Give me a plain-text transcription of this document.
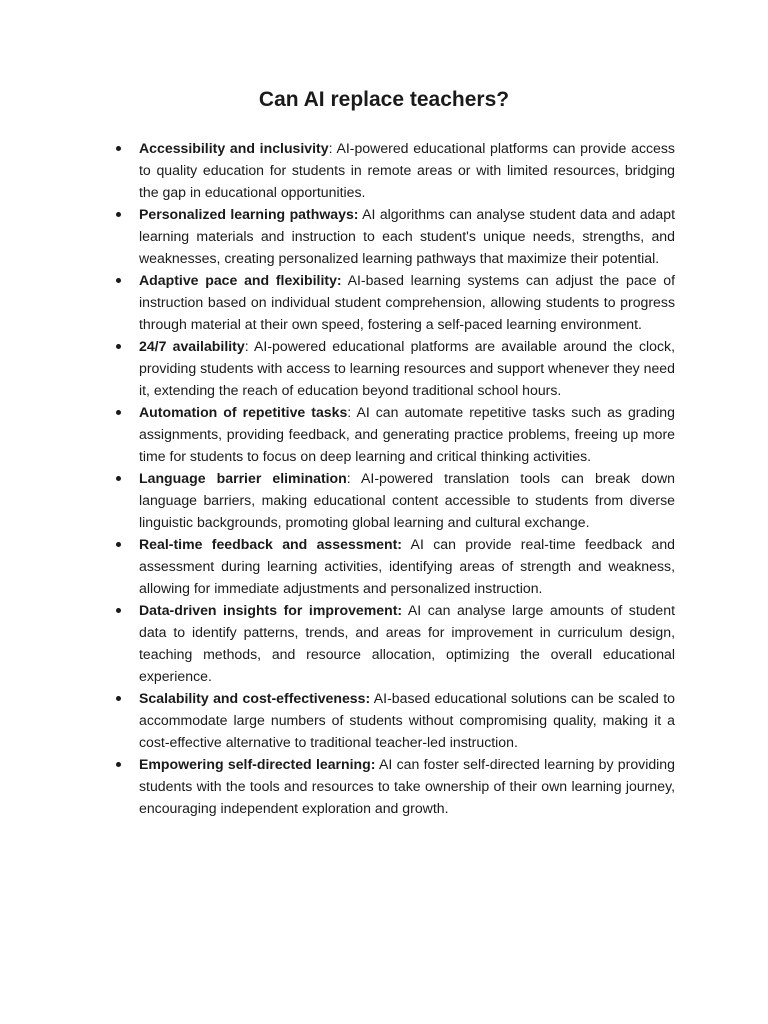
Can AI replace teachers?
Accessibility and inclusivity: AI-powered educational platforms can provide access to quality education for students in remote areas or with limited resources, bridging the gap in educational opportunities.
Personalized learning pathways: AI algorithms can analyse student data and adapt learning materials and instruction to each student's unique needs, strengths, and weaknesses, creating personalized learning pathways that maximize their potential.
Adaptive pace and flexibility: AI-based learning systems can adjust the pace of instruction based on individual student comprehension, allowing students to progress through material at their own speed, fostering a self-paced learning environment.
24/7 availability: AI-powered educational platforms are available around the clock, providing students with access to learning resources and support whenever they need it, extending the reach of education beyond traditional school hours.
Automation of repetitive tasks: AI can automate repetitive tasks such as grading assignments, providing feedback, and generating practice problems, freeing up more time for students to focus on deep learning and critical thinking activities.
Language barrier elimination: AI-powered translation tools can break down language barriers, making educational content accessible to students from diverse linguistic backgrounds, promoting global learning and cultural exchange.
Real-time feedback and assessment: AI can provide real-time feedback and assessment during learning activities, identifying areas of strength and weakness, allowing for immediate adjustments and personalized instruction.
Data-driven insights for improvement: AI can analyse large amounts of student data to identify patterns, trends, and areas for improvement in curriculum design, teaching methods, and resource allocation, optimizing the overall educational experience.
Scalability and cost-effectiveness: AI-based educational solutions can be scaled to accommodate large numbers of students without compromising quality, making it a cost-effective alternative to traditional teacher-led instruction.
Empowering self-directed learning: AI can foster self-directed learning by providing students with the tools and resources to take ownership of their own learning journey, encouraging independent exploration and growth.
